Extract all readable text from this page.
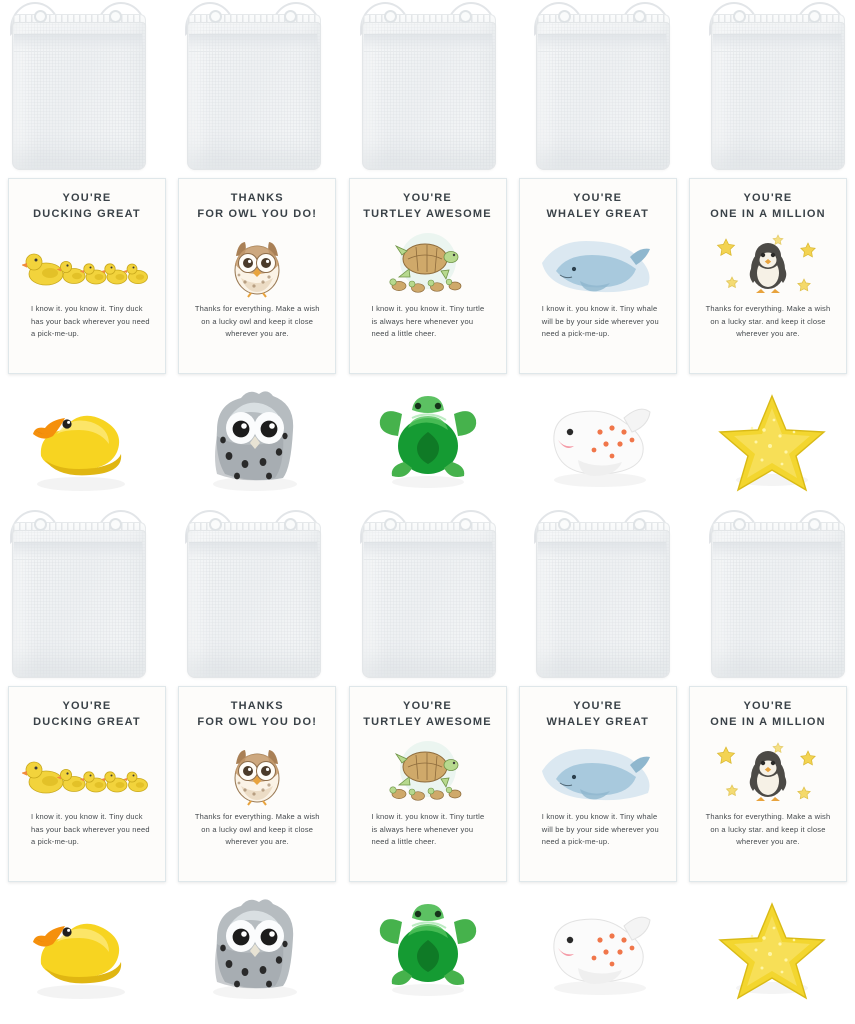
YOU'RE
DUCKING GREAT
I know it. you know it. Tiny duck has your back wherever you need a pick-me-up.
THANKS
FOR OWL YOU DO!
Thanks for everything. Make a wish on a lucky owl and keep it close wherever you are.
YOU'RE
TURTLEY AWESOME
I know it. you know it. Tiny turtle is always here whenever you need a little cheer.
YOU'RE
WHALEY GREAT
I know it. you know it. Tiny whale will be by your side wherever you need a pick-me-up.
YOU'RE
ONE IN A MILLION
Thanks for everything. Make a wish on a lucky star. and keep it close wherever you are.
YOU'RE
DUCKING GREAT
I know it. you know it. Tiny duck has your back wherever you need a pick-me-up.
THANKS
FOR OWL YOU DO!
Thanks for everything. Make a wish on a lucky owl and keep it close wherever you are.
YOU'RE
TURTLEY AWESOME
I know it. you know it. Tiny turtle is always here whenever you need a little cheer.
YOU'RE
WHALEY GREAT
I know it. you know it. Tiny whale will be by your side wherever you need a pick-me-up.
YOU'RE
ONE IN A MILLION
Thanks for everything. Make a wish on a lucky star. and keep it close wherever you are.
